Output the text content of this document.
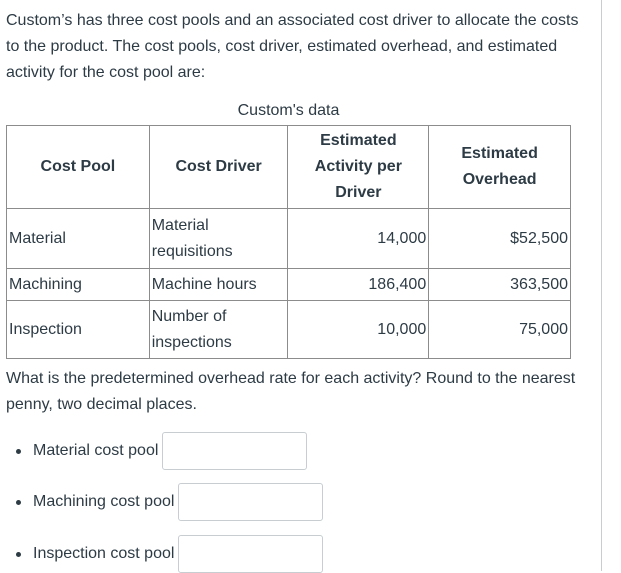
Custom’s has three cost pools and an associated cost driver to allocate the costs to the product. The cost pools, cost driver, estimated overhead, and estimated activity for the cost pool are:

Custom's data
Cost Pool	Cost Driver	Estimated Activity per Driver	Estimated Overhead
Material	Material requisitions	14,000	$52,500
Machining	Machine hours	186,400	363,500
Inspection	Number of inspections	10,000	75,000

What is the predetermined overhead rate for each activity? Round to the nearest penny, two decimal places.

Material cost pool
Machining cost pool
Inspection cost pool
